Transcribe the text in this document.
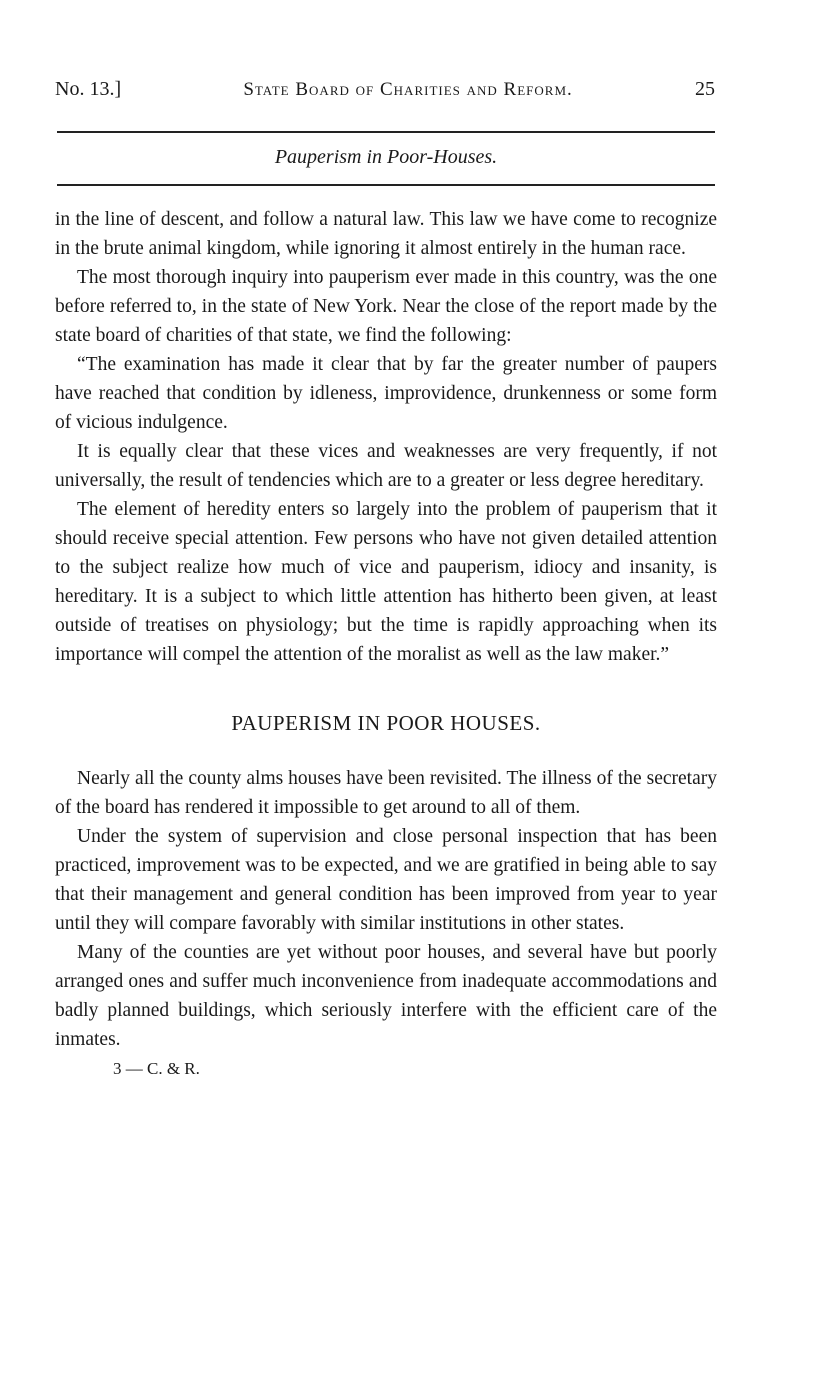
No. 13.]	State Board of Charities and Reform.	25
Pauperism in Poor-Houses.

in the line of descent, and follow a natural law. This law we have come to recognize in the brute animal kingdom, while ignoring it almost entirely in the human race.

The most thorough inquiry into pauperism ever made in this country, was the one before referred to, in the state of New York. Near the close of the report made by the state board of charities of that state, we find the following:

“The examination has made it clear that by far the greater number of paupers have reached that condition by idleness, improvidence, drunkenness or some form of vicious indulgence.

It is equally clear that these vices and weaknesses are very frequently, if not universally, the result of tendencies which are to a greater or less degree hereditary.

The element of heredity enters so largely into the problem of pauperism that it should receive special attention. Few persons who have not given detailed attention to the subject realize how much of vice and pauperism, idiocy and insanity, is hereditary. It is a subject to which little attention has hitherto been given, at least outside of treatises on physiology; but the time is rapidly approaching when its importance will compel the attention of the moralist as well as the law maker.”

PAUPERISM IN POOR HOUSES.

Nearly all the county alms houses have been revisited. The illness of the secretary of the board has rendered it impossible to get around to all of them.

Under the system of supervision and close personal inspection that has been practiced, improvement was to be expected, and we are gratified in being able to say that their management and general condition has been improved from year to year until they will compare favorably with similar institutions in other states.

Many of the counties are yet without poor houses, and several have but poorly arranged ones and suffer much inconvenience from inadequate accommodations and badly planned buildings, which seriously interfere with the efficient care of the inmates.

3 — C. & R.
